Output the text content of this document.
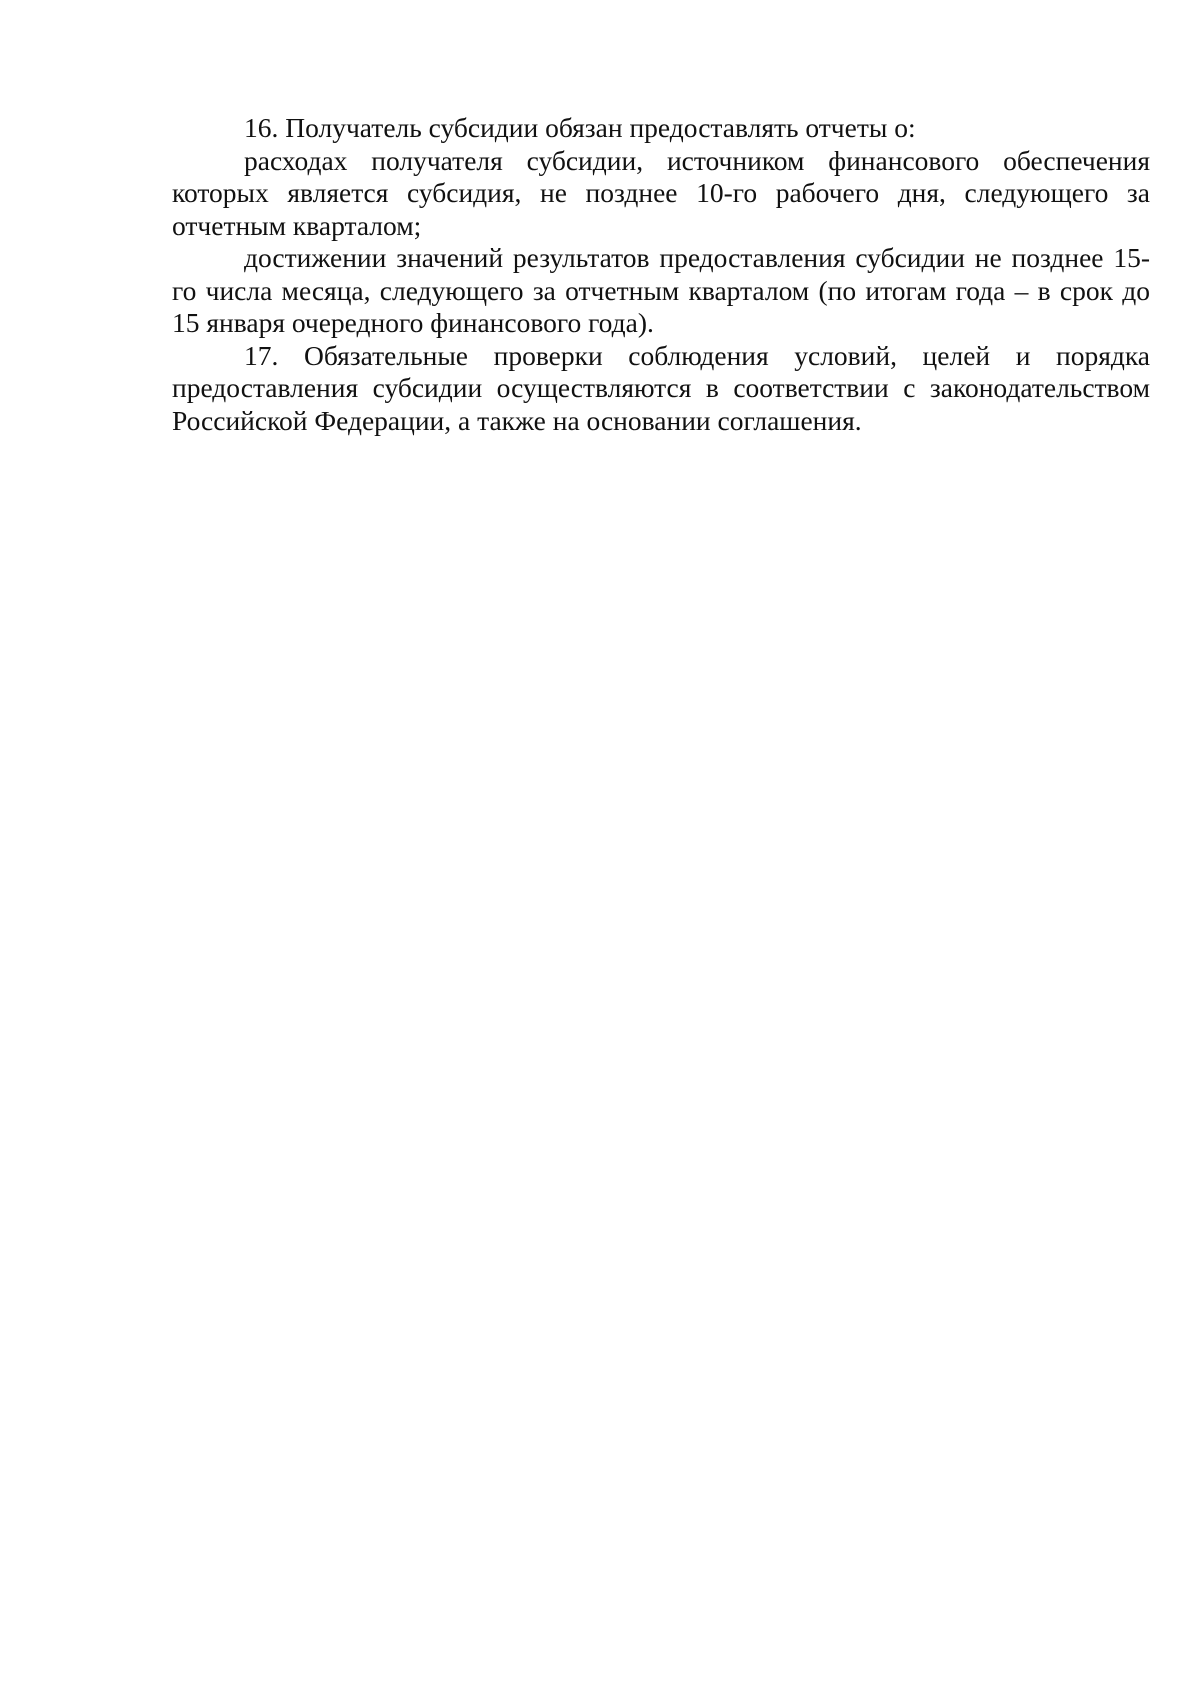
16. Получатель субсидии обязан предоставлять отчеты о:

расходах получателя субсидии, источником финансового обеспечения которых является субсидия, не позднее 10-го рабочего дня, следующего за отчетным кварталом;

достижении значений результатов предоставления субсидии не позднее 15-го числа месяца, следующего за отчетным кварталом (по итогам года – в срок до 15 января очередного финансового года).

17. Обязательные проверки соблюдения условий, целей и порядка предоставления субсидии осуществляются в соответствии с законодательством Российской Федерации, а также на основании соглашения.
